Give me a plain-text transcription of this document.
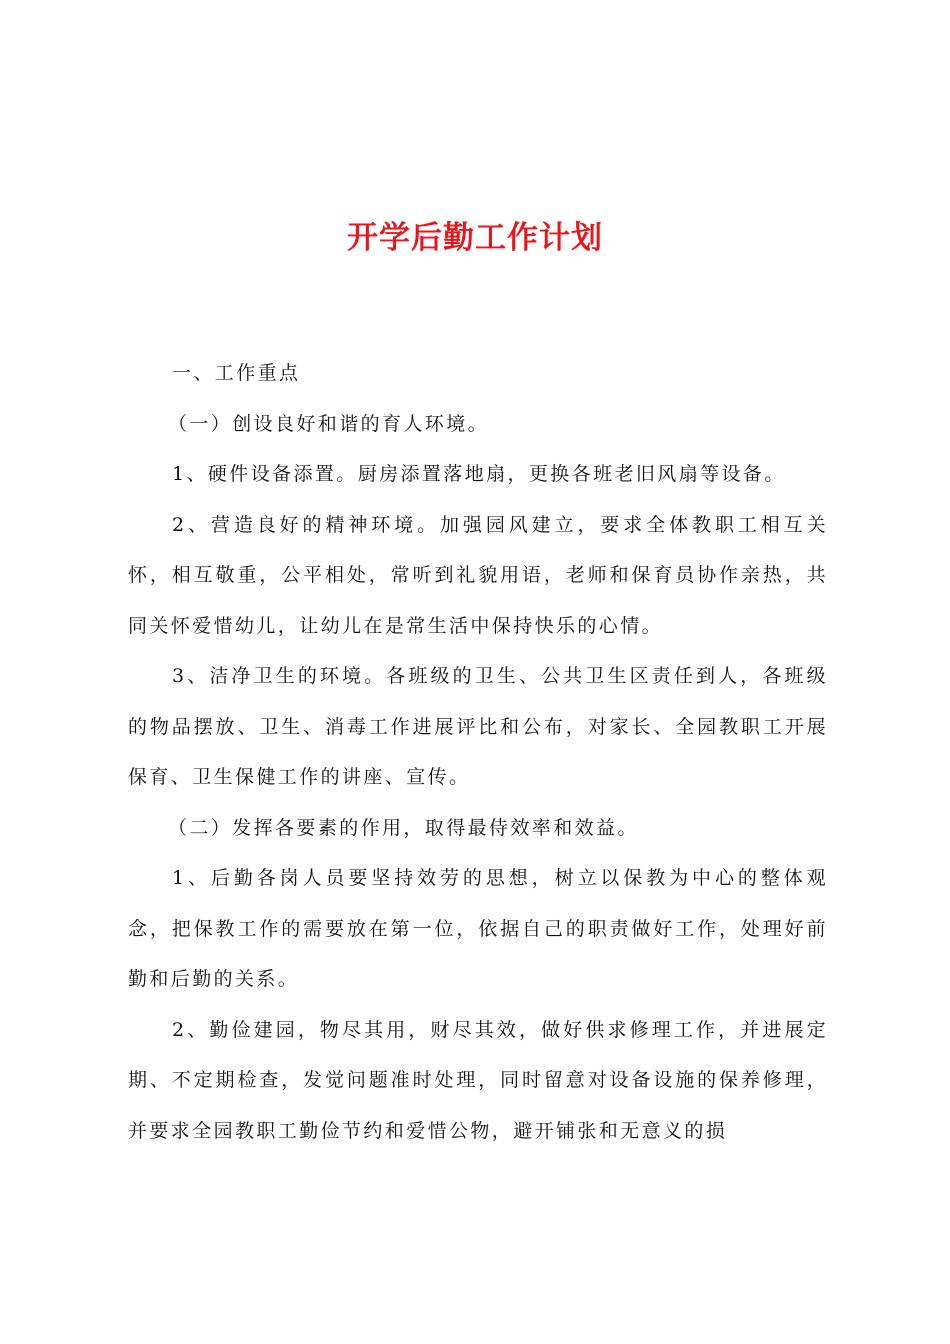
开学后勤工作计划

一、工作重点

（一）创设良好和谐的育人环境。

1、硬件设备添置。厨房添置落地扇，更换各班老旧风扇等设备。

2、营造良好的精神环境。加强园风建立，要求全体教职工相互关怀，相互敬重，公平相处，常听到礼貌用语，老师和保育员协作亲热，共同关怀爱惜幼儿，让幼儿在是常生活中保持快乐的心情。

3、洁净卫生的环境。各班级的卫生、公共卫生区责任到人，各班级的物品摆放、卫生、消毒工作进展评比和公布，对家长、全园教职工开展保育、卫生保健工作的讲座、宣传。

（二）发挥各要素的作用，取得最侍效率和效益。

1、后勤各岗人员要坚持效劳的思想，树立以保教为中心的整体观念，把保教工作的需要放在第一位，依据自己的职责做好工作，处理好前勤和后勤的关系。

2、勤俭建园，物尽其用，财尽其效，做好供求修理工作，并进展定期、不定期检查，发觉问题准时处理，同时留意对设备设施的保养修理，并要求全园教职工勤俭节约和爱惜公物，避开铺张和无意义的损
